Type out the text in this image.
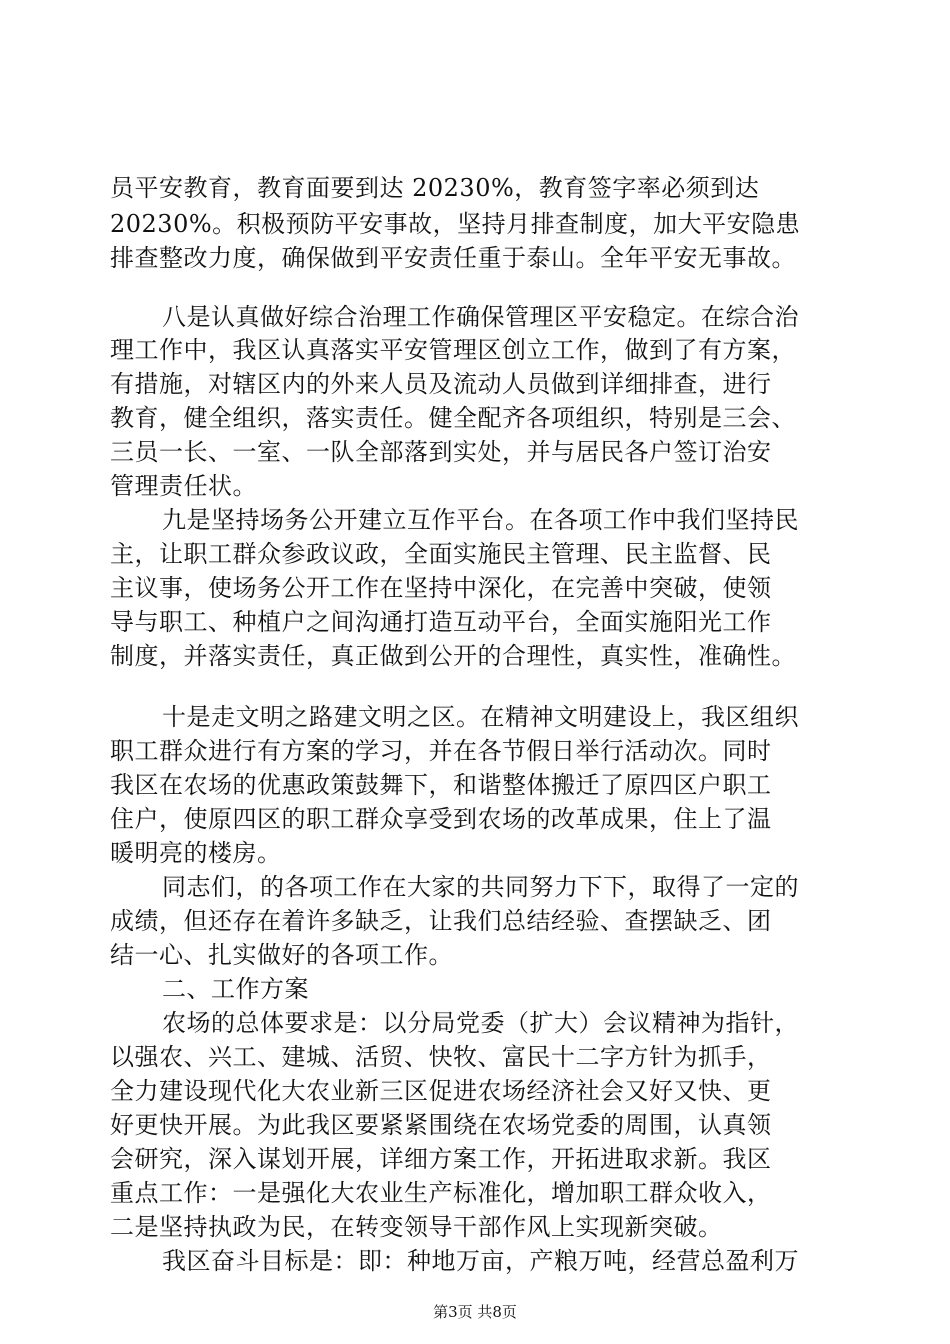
员平安教育，教育面要到达 20230%，教育签字率必须到达
20230%。积极预防平安事故，坚持月排查制度，加大平安隐患
排查整改力度，确保做到平安责任重于泰山。全年平安无事故。
八是认真做好综合治理工作确保管理区平安稳定。在综合治
理工作中，我区认真落实平安管理区创立工作，做到了有方案，
有措施，对辖区内的外来人员及流动人员做到详细排查，进行
教育，健全组织，落实责任。健全配齐各项组织，特别是三会、
三员一长、一室、一队全部落到实处，并与居民各户签订治安
管理责任状。
九是坚持场务公开建立互作平台。在各项工作中我们坚持民
主，让职工群众参政议政，全面实施民主管理、民主监督、民
主议事，使场务公开工作在坚持中深化，在完善中突破，使领
导与职工、种植户之间沟通打造互动平台，全面实施阳光工作
制度，并落实责任，真正做到公开的合理性，真实性，准确性。
十是走文明之路建文明之区。在精神文明建设上，我区组织
职工群众进行有方案的学习，并在各节假日举行活动次。同时
我区在农场的优惠政策鼓舞下，和谐整体搬迁了原四区户职工
住户，使原四区的职工群众享受到农场的改革成果，住上了温
暖明亮的楼房。
同志们，的各项工作在大家的共同努力下下，取得了一定的
成绩，但还存在着许多缺乏，让我们总结经验、查摆缺乏、团
结一心、扎实做好的各项工作。
二、工作方案
农场的总体要求是：以分局党委（扩大）会议精神为指针，
以强农、兴工、建城、活贸、快牧、富民十二字方针为抓手，
全力建设现代化大农业新三区促进农场经济社会又好又快、更
好更快开展。为此我区要紧紧围绕在农场党委的周围，认真领
会研究，深入谋划开展，详细方案工作，开拓进取求新。我区
重点工作：一是强化大农业生产标准化，增加职工群众收入，
二是坚持执政为民，在转变领导干部作风上实现新突破。
我区奋斗目标是：即：种地万亩，产粮万吨，经营总盈利万
第3页 共8页
